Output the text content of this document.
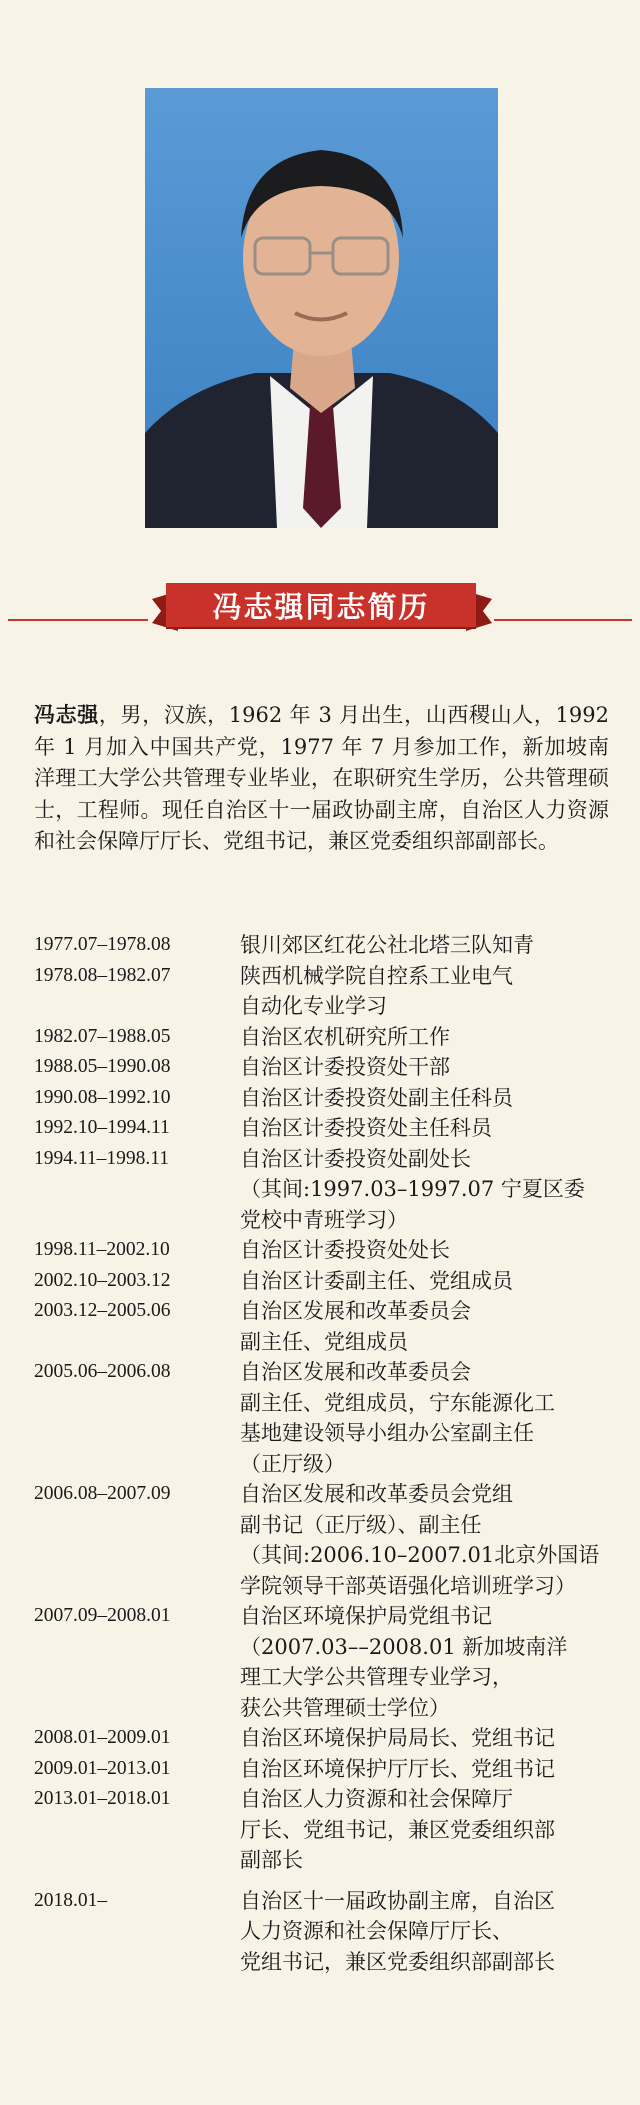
冯志强同志简历
冯志强，男，汉族，1962 年 3 月出生，山西稷山人，1992 年 1 月加入中国共产党，1977 年 7 月参加工作，新加坡南洋理工大学公共管理专业毕业，在职研究生学历，公共管理硕士，工程师。现任自治区十一届政协副主席，自治区人力资源和社会保障厅厅长、党组书记，兼区党委组织部副部长。
1977.07–1978.08	银川郊区红花公社北塔三队知青
1978.08–1982.07	陕西机械学院自控系工业电气
自动化专业学习
1982.07–1988.05	自治区农机研究所工作
1988.05–1990.08	自治区计委投资处干部
1990.08–1992.10	自治区计委投资处副主任科员
1992.10–1994.11	自治区计委投资处主任科员
1994.11–1998.11	自治区计委投资处副处长
（其间:1997.03–1997.07 宁夏区委
党校中青班学习）
1998.11–2002.10	自治区计委投资处处长
2002.10–2003.12	自治区计委副主任、党组成员
2003.12–2005.06	自治区发展和改革委员会
副主任、党组成员
2005.06–2006.08	自治区发展和改革委员会
副主任、党组成员，宁东能源化工
基地建设领导小组办公室副主任
（正厅级）
2006.08–2007.09	自治区发展和改革委员会党组
副书记（正厅级）、副主任
（其间:2006.10–2007.01北京外国语
学院领导干部英语强化培训班学习）
2007.09–2008.01	自治区环境保护局党组书记
（2007.03––2008.01 新加坡南洋
理工大学公共管理专业学习，
获公共管理硕士学位）
2008.01–2009.01	自治区环境保护局局长、党组书记
2009.01–2013.01	自治区环境保护厅厅长、党组书记
2013.01–2018.01	自治区人力资源和社会保障厅
厅长、党组书记，兼区党委组织部
副部长
2018.01–	自治区十一届政协副主席，自治区
人力资源和社会保障厅厅长、
党组书记，兼区党委组织部副部长
